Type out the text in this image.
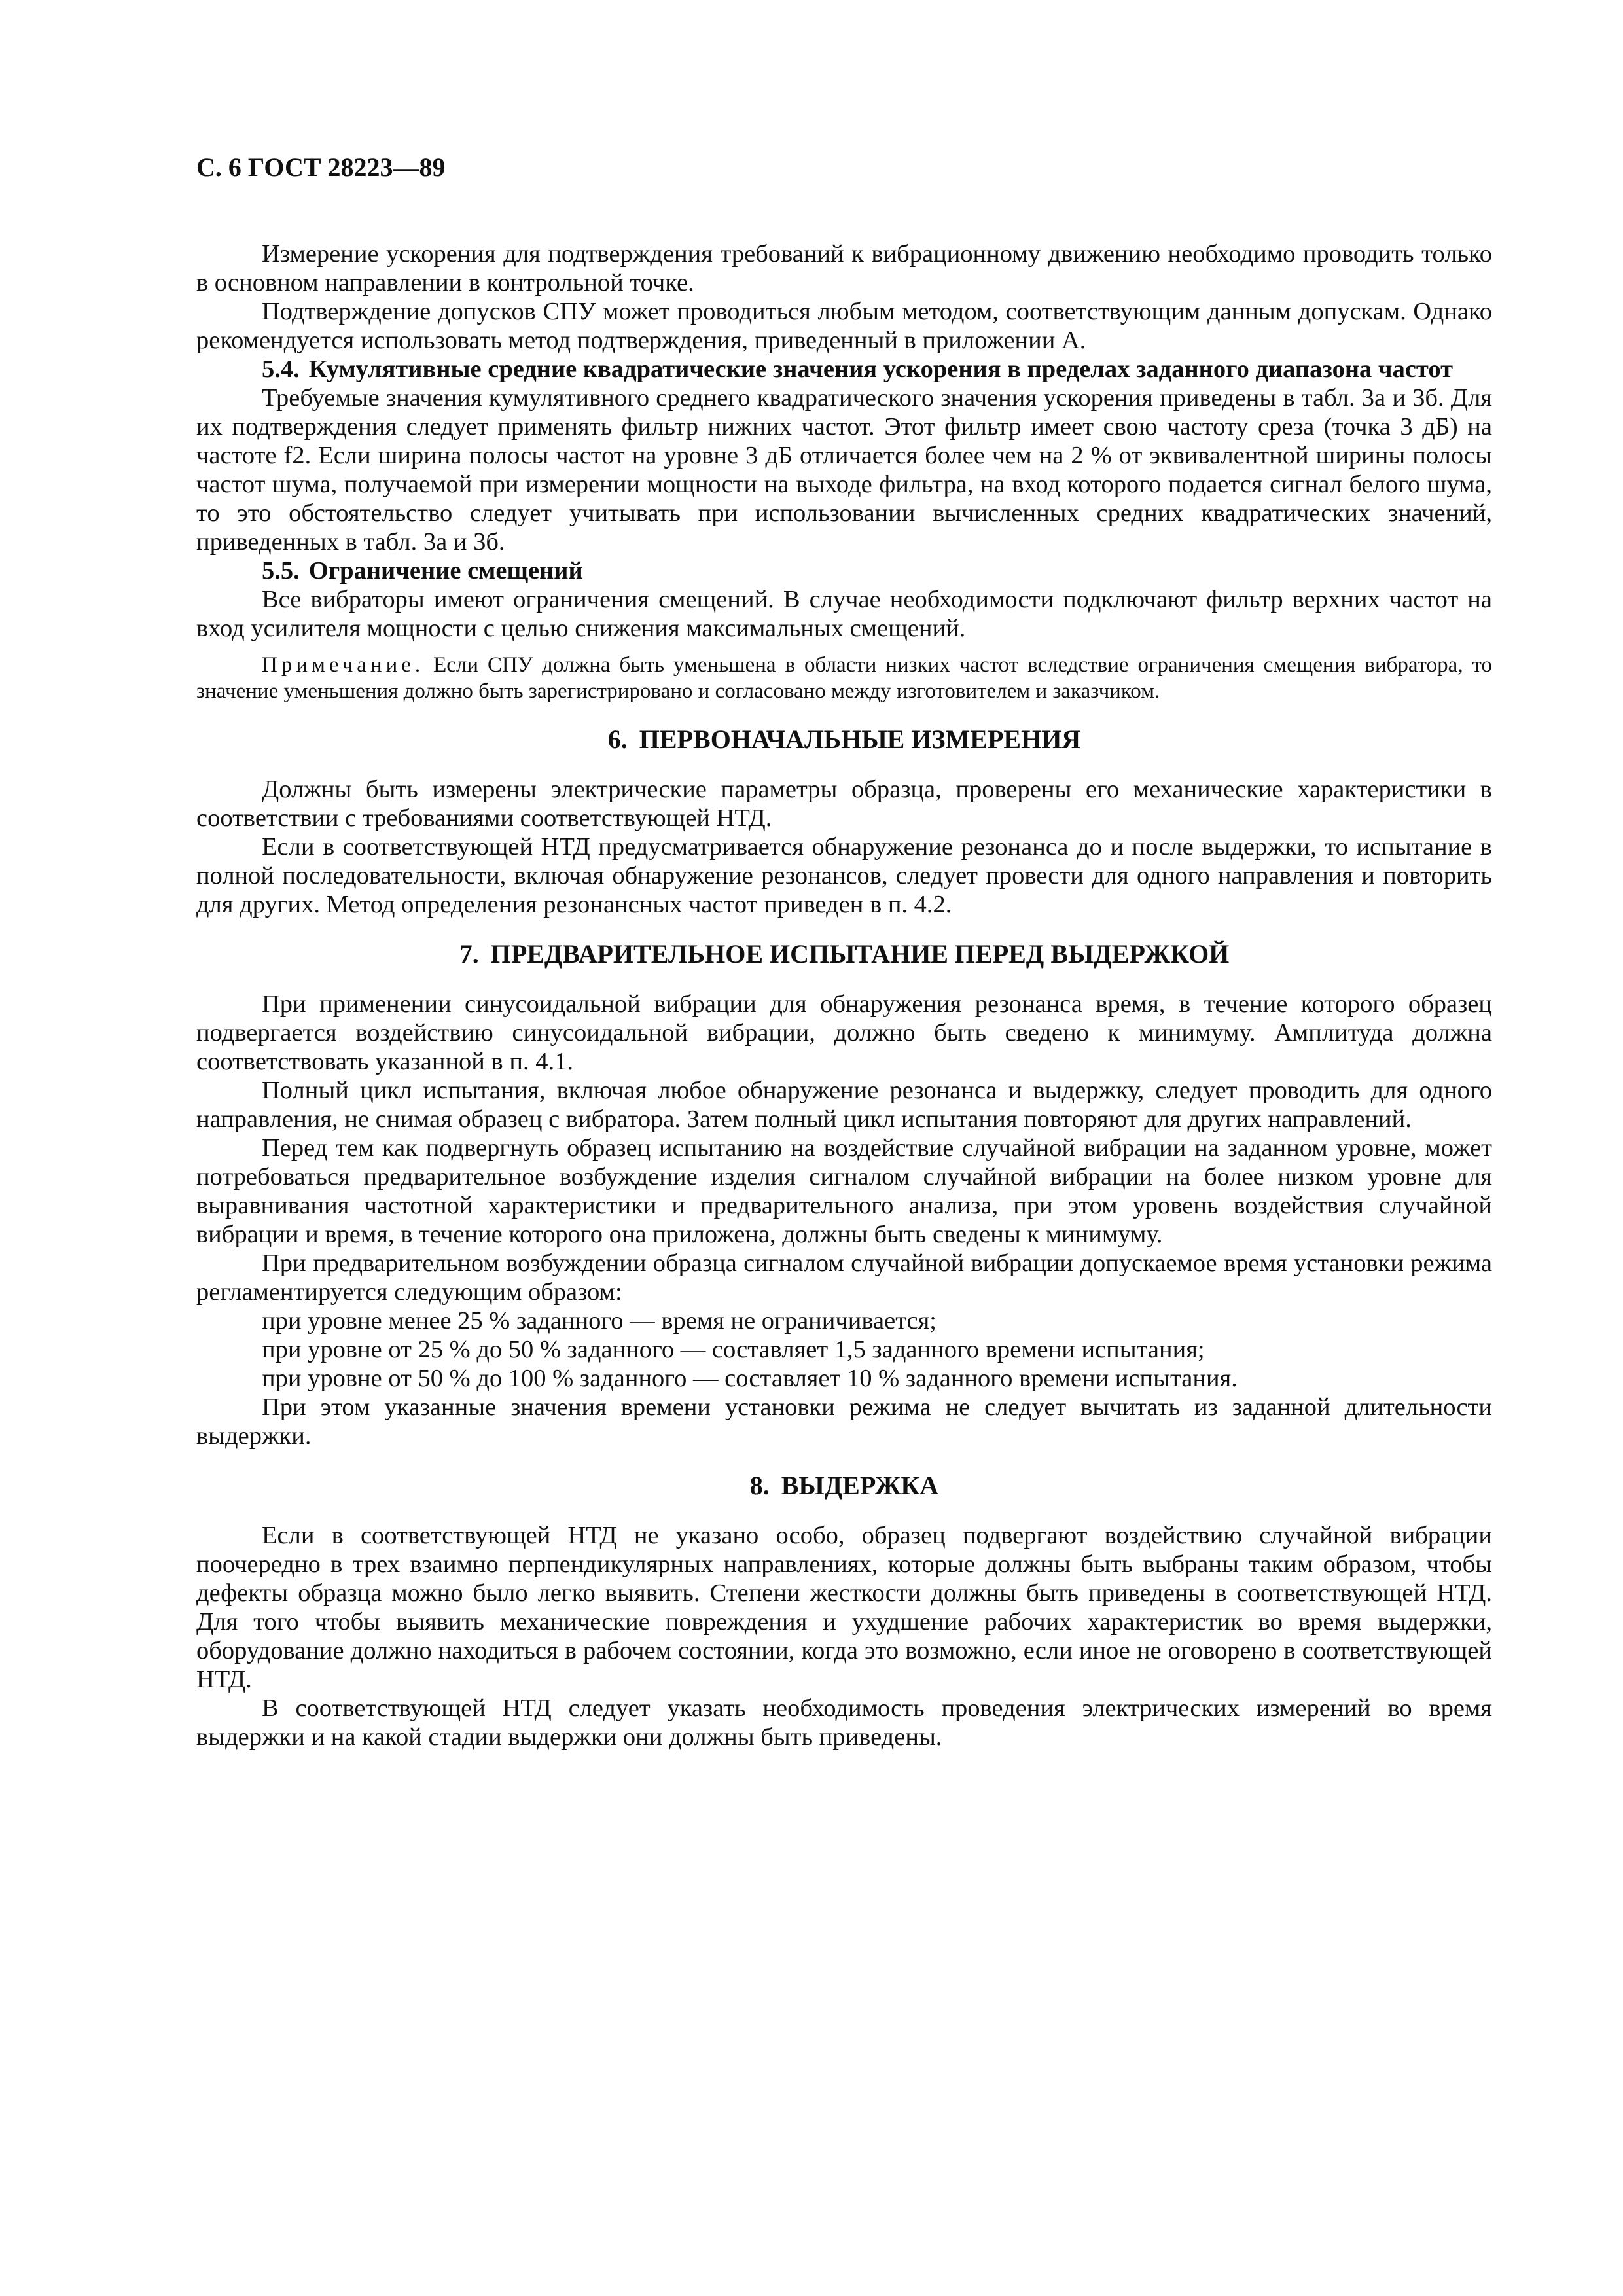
С. 6 ГОСТ 28223—89

Измерение ускорения для подтверждения требований к вибрационному движению необходимо проводить только в основном направлении в контрольной точке.

Подтверждение допусков СПУ может проводиться любым методом, соответствующим данным допускам. Однако рекомендуется использовать метод подтверждения, приведенный в приложении А.

5.4. Кумулятивные средние квадратические значения ускорения в пределах заданного диапазона частот

Требуемые значения кумулятивного среднего квадратического значения ускорения приведены в табл. 3а и 3б. Для их подтверждения следует применять фильтр нижних частот. Этот фильтр имеет свою частоту среза (точка 3 дБ) на частоте f2. Если ширина полосы частот на уровне 3 дБ отличается более чем на 2 % от эквивалентной ширины полосы частот шума, получаемой при измерении мощности на выходе фильтра, на вход которого подается сигнал белого шума, то это обстоятельство следует учитывать при использовании вычисленных средних квадратических значений, приведенных в табл. 3а и 3б.

5.5. Ограничение смещений

Все вибраторы имеют ограничения смещений. В случае необходимости подключают фильтр верхних частот на вход усилителя мощности с целью снижения максимальных смещений.

Примечание. Если СПУ должна быть уменьшена в области низких частот вследствие ограничения смещения вибратора, то значение уменьшения должно быть зарегистрировано и согласовано между изготовителем и заказчиком.

6. ПЕРВОНАЧАЛЬНЫЕ ИЗМЕРЕНИЯ

Должны быть измерены электрические параметры образца, проверены его механические характеристики в соответствии с требованиями соответствующей НТД.

Если в соответствующей НТД предусматривается обнаружение резонанса до и после выдержки, то испытание в полной последовательности, включая обнаружение резонансов, следует провести для одного направления и повторить для других. Метод определения резонансных частот приведен в п. 4.2.

7. ПРЕДВАРИТЕЛЬНОЕ ИСПЫТАНИЕ ПЕРЕД ВЫДЕРЖКОЙ

При применении синусоидальной вибрации для обнаружения резонанса время, в течение которого образец подвергается воздействию синусоидальной вибрации, должно быть сведено к минимуму. Амплитуда должна соответствовать указанной в п. 4.1.

Полный цикл испытания, включая любое обнаружение резонанса и выдержку, следует проводить для одного направления, не снимая образец с вибратора. Затем полный цикл испытания повторяют для других направлений.

Перед тем как подвергнуть образец испытанию на воздействие случайной вибрации на заданном уровне, может потребоваться предварительное возбуждение изделия сигналом случайной вибрации на более низком уровне для выравнивания частотной характеристики и предварительного анализа, при этом уровень воздействия случайной вибрации и время, в течение которого она приложена, должны быть сведены к минимуму.

При предварительном возбуждении образца сигналом случайной вибрации допускаемое время установки режима регламентируется следующим образом:

при уровне менее 25 % заданного — время не ограничивается;

при уровне от 25 % до 50 % заданного — составляет 1,5 заданного времени испытания;

при уровне от 50 % до 100 % заданного — составляет 10 % заданного времени испытания.

При этом указанные значения времени установки режима не следует вычитать из заданной длительности выдержки.

8. ВЫДЕРЖКА

Если в соответствующей НТД не указано особо, образец подвергают воздействию случайной вибрации поочередно в трех взаимно перпендикулярных направлениях, которые должны быть выбраны таким образом, чтобы дефекты образца можно было легко выявить. Степени жесткости должны быть приведены в соответствующей НТД. Для того чтобы выявить механические повреждения и ухудшение рабочих характеристик во время выдержки, оборудование должно находиться в рабочем состоянии, когда это возможно, если иное не оговорено в соответствующей НТД.

В соответствующей НТД следует указать необходимость проведения электрических измерений во время выдержки и на какой стадии выдержки они должны быть приведены.
